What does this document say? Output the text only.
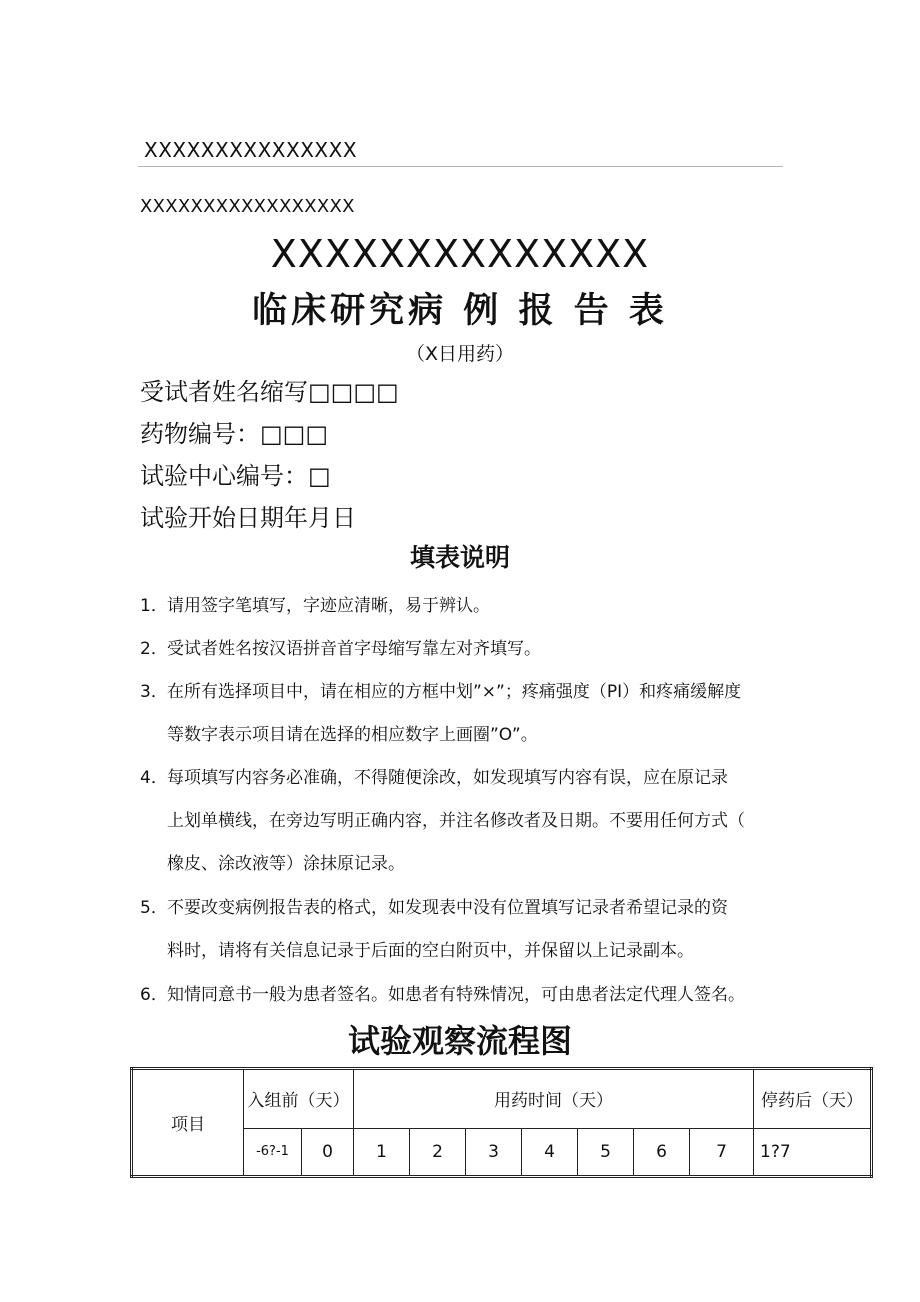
XXXXXXXXXXXXXXX
XXXXXXXXXXXXXXXXX
XXXXXXXXXXXXXX
临床研究病 例 报 告 表
（X日用药）
受试者姓名缩写□□□□
药物编号：□□□
试验中心编号：□
试验开始日期年月日
填表说明
1．请用签字笔填写，字迹应清晰，易于辨认。
2．受试者姓名按汉语拼音首字母缩写靠左对齐填写。
3．在所有选择项目中，请在相应的方框中划”×”；疼痛强度（PI）和疼痛缓解度
等数字表示项目请在选择的相应数字上画圈”O”。
4．每项填写内容务必准确，不得随便涂改，如发现填写内容有误，应在原记录
上划单横线，在旁边写明正确内容，并注名修改者及日期。不要用任何方式（
橡皮、涂改液等）涂抹原记录。
5．不要改变病例报告表的格式，如发现表中没有位置填写记录者希望记录的资
料时，请将有关信息记录于后面的空白附页中，并保留以上记录副本。
6．知情同意书一般为患者签名。如患者有特殊情况，可由患者法定代理人签名。
试验观察流程图
项目	入组前（天）		用药时间（天）							停药后（天）
	-6?-1	0	1	2	3	4	5	6	7	1?7
